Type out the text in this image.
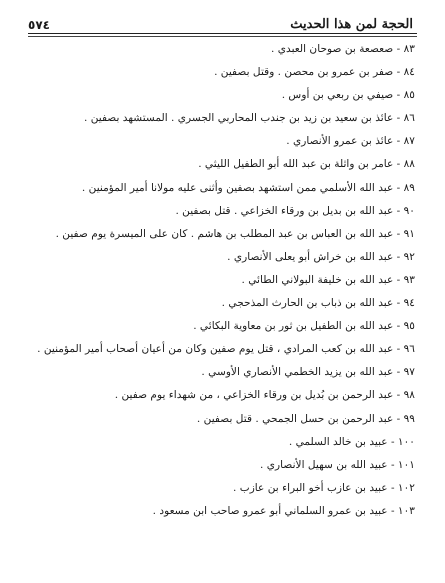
٥٧٤	الحجة لمن هذا الحديث

٨٣ - صعصعة بن صوحان العبدي .

٨٤ - صفر بن عمرو بن محصن . وقتل بصفين .

٨٥ - صيفي بن ربعي بن أوس .

٨٦ - عائذ بن سعيد بن زيد بن جندب المحاربي الجسري . المستشهد بصفين .

٨٧ - عائذ بن عمرو الأنصاري .

٨٨ - عامر بن واثلة بن عبد الله أبو الطفيل الليثي .

٨٩ - عبد الله الأسلمي ممن استشهد بصفين وأثنى عليه مولانا أمير المؤمنين .

٩٠ - عبد الله بن بديل بن ورقاء الخزاعي . قتل بصفين .

٩١ - عبد الله بن العباس بن عبد المطلب بن هاشم . كان على الميسرة يوم صفين .

٩٢ - عبد الله بن خراش أبو يعلى الأنصاري .

٩٣ - عبد الله بن خليفة البولاني الطائي .

٩٤ - عبد الله بن ذباب بن الحارث المذحجي .

٩٥ - عبد الله بن الطفيل بن ثور بن معاوية البكائي .

٩٦ - عبد الله بن كعب المرادي ، قتل يوم صفين وكان من أعيان أصحاب أمير المؤمنين .

٩٧ - عبد الله بن يزيد الخطمي الأنصاري الأوسي .

٩٨ - عبد الرحمن بن بُديل بن ورقاء الخزاعي ، من شهداء يوم صفين .

٩٩ - عبد الرحمن بن حسل الجمحي . قتل بصفين .

١٠٠ - عبيد بن خالد السلمي .

١٠١ - عبيد الله بن سهيل الأنصاري .

١٠٢ - عبيد بن عازب أخو البراء بن عازب .

١٠٣ - عبيد بن عمرو السلماني أبو عمرو صاحب ابن مسعود .
